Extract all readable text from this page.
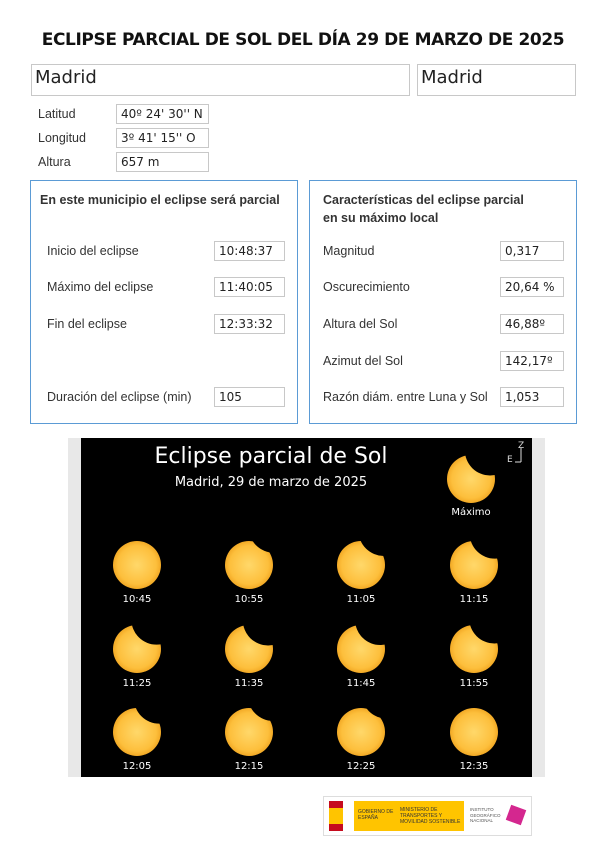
ECLIPSE PARCIAL DE SOL DEL DÍA 29 DE MARZO DE 2025
Madrid	Madrid
Latitud	40º 24' 30'' N
Longitud	3º 41' 15'' O
Altura	657 m
En este municipio el eclipse será parcial
Inicio del eclipse	10:48:37
Máximo del eclipse	11:40:05
Fin del eclipse	12:33:32
Duración del eclipse (min)	105
Características del eclipse parcial
en su máximo local
Magnitud	0,317
Oscurecimiento	20,64 %
Altura del Sol	46,88º
Azimut del Sol	142,17º
Razón diám. entre Luna y Sol	1,053
Eclipse parcial de Sol
Madrid, 29 de marzo de 2025
Z
E
Máximo
10:45	10:55	11:05	11:15
11:25	11:35	11:45	11:55
12:05	12:15	12:25	12:35
GOBIERNO DE ESPAÑA
MINISTERIO DE TRANSPORTES Y MOVILIDAD SOSTENIBLE
INSTITUTO GEOGRÁFICO NACIONAL
